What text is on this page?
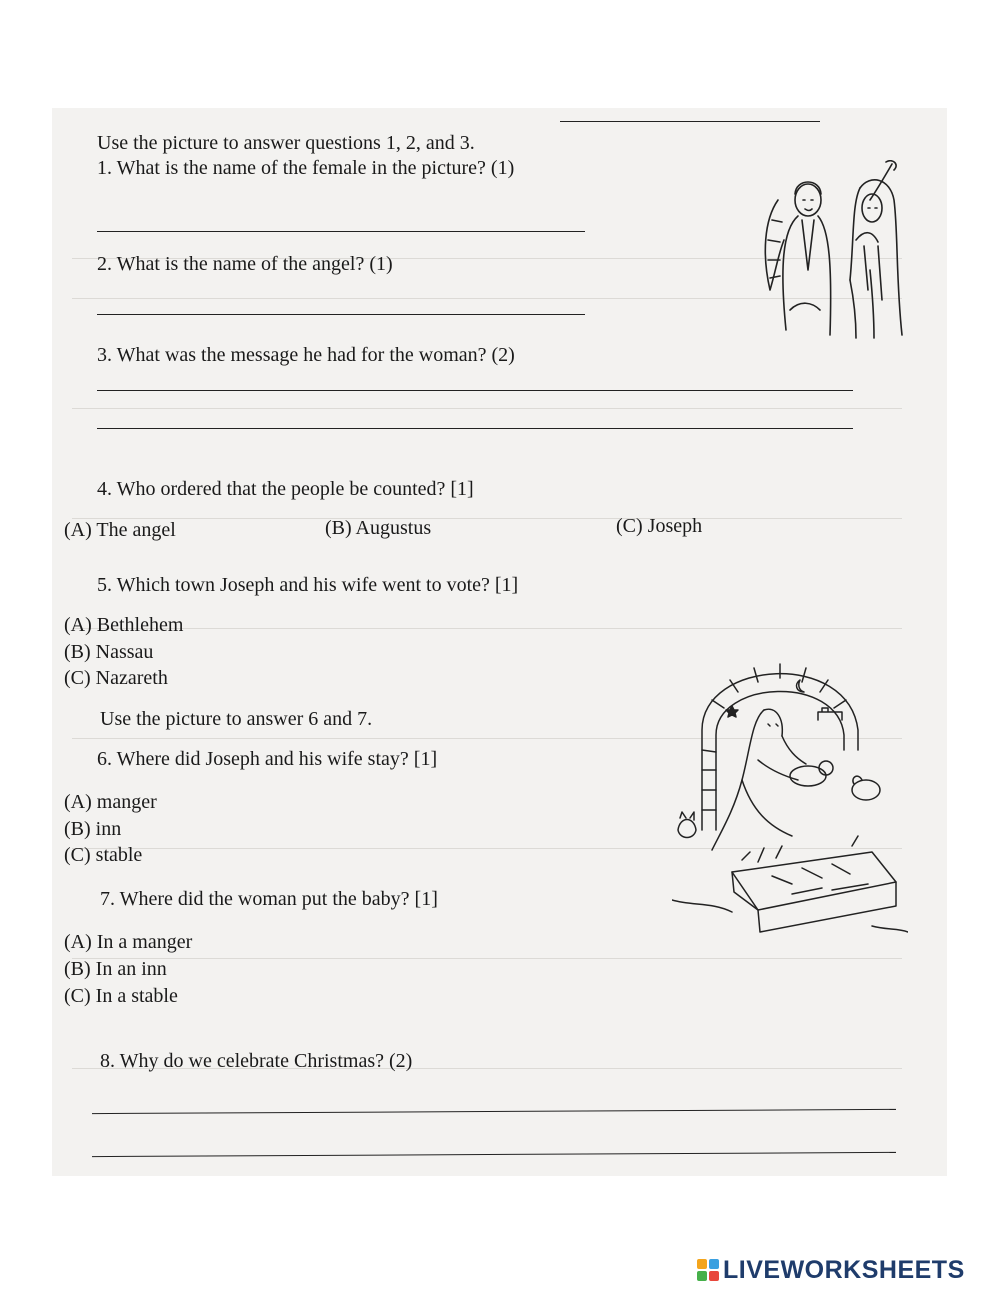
Use the picture to answer questions 1, 2, and 3.
1. What is the name of the female in the picture? (1)
2. What is the name of the angel? (1)
3. What was the message he had for the woman? (2)
4. Who ordered that the people be counted? [1]
(A) The angel	(B) Augustus	(C) Joseph
5. Which town Joseph and his wife went to vote? [1]
(A) Bethlehem
(B) Nassau
(C) Nazareth
Use the picture to answer 6 and 7.
6. Where did Joseph and his wife stay? [1]
(A) manger
(B) inn
(C) stable
7. Where did the woman put the baby? [1]
(A) In a manger
(B) In an inn
(C) In a stable
8. Why do we celebrate Christmas? (2)
LIVEWORKSHEETS
